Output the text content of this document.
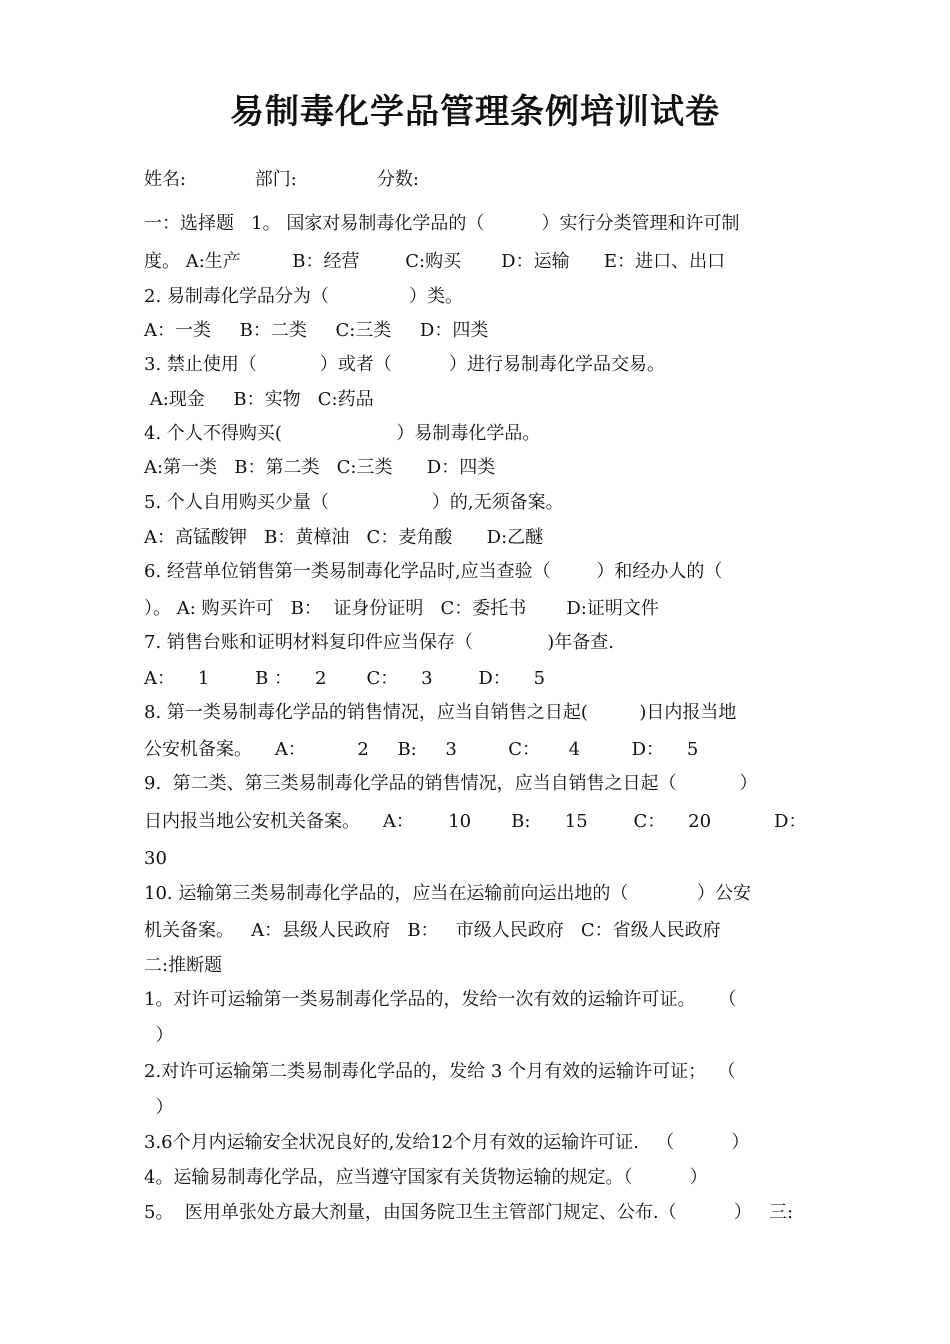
易制毒化学品管理条例培训试卷
姓名:            部门:              分数:
一：选择题   1。 国家对易制毒化学品的（          ）实行分类管理和许可制
度。 A:生产         B：经营        C:购买       D：运输      E：进口、出口
2. 易制毒化学品分为（              ）类。
A：一类     B：二类     C:三类     D：四类
3. 禁止使用（           ）或者（          ）进行易制毒化学品交易。
A:现金     B：实物   C:药品
4. 个人不得购买(                    ）易制毒化学品。
A:第一类   B：第二类   C:三类      D：四类
5. 个人自用购买少量（                  ）的,无须备案。
A：高锰酸钾   B：黄樟油   C：麦角酸      D:乙醚
6. 经营单位销售第一类易制毒化学品时,应当查验（        ）和经办人的（
）。 A: 购买许可   B：  证身份证明   C：委托书       D:证明文件
7. 销售台账和证明材料复印件应当保存（             )年备查.
A：    1        B ：    2       C：    3        D：    5
8. 第一类易制毒化学品的销售情况，应当自销售之日起(         )日内报当地
公安机备案。    A：         2     B:     3         C：     4         D：    5
9.  第二类、第三类易制毒化学品的销售情况，应当自销售之日起（           ）
日内报当地公安机关备案。    A：      10       B:      15        C：    20           D：
30
10. 运输第三类易制毒化学品的，应当在运输前向运出地的（            ）公安
机关备案。   A：县级人民政府   B：   市级人民政府   C：省级人民政府
二:推断题
1。对许可运输第一类易制毒化学品的，发给一次有效的运输许可证。    （
）
2.对许可运输第二类易制毒化学品的，发给 3 个月有效的运输许可证；  （
）
3.6个月内运输安全状况良好的,发给12个月有效的运输许可证.   （          ）
4。运输易制毒化学品，应当遵守国家有关货物运输的规定。（          ）
5。  医用单张处方最大剂量，由国务院卫生主管部门规定、公布.（          ）   三:
